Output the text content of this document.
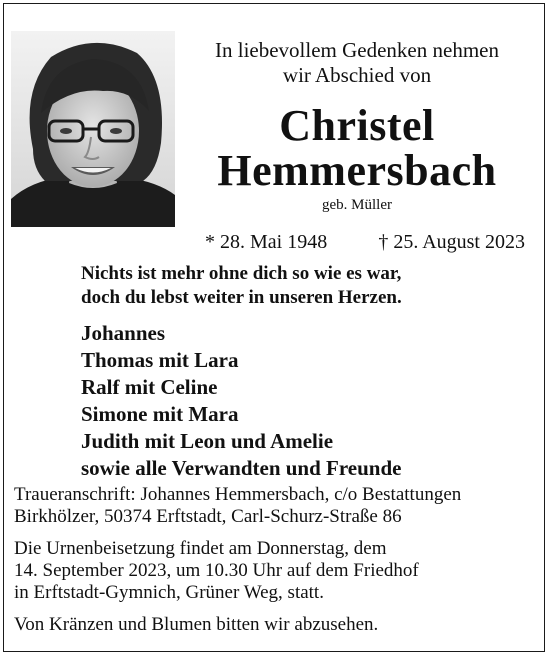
In liebevollem Gedenken nehmen
wir Abschied von
Christel
Hemmersbach
geb. Müller
* 28. Mai 1948	† 25. August 2023
Nichts ist mehr ohne dich so wie es war,
doch du lebst weiter in unseren Herzen.
Johannes
Thomas mit Lara
Ralf mit Celine
Simone mit Mara
Judith mit Leon und Amelie
sowie alle Verwandten und Freunde

Traueranschrift: Johannes Hemmersbach, c/o Bestattungen
Birkhölzer, 50374 Erftstadt, Carl-Schurz-Straße 86

Die Urnenbeisetzung findet am Donnerstag, dem
14. September 2023, um 10.30 Uhr auf dem Friedhof
in Erftstadt-Gymnich, Grüner Weg, statt.

Von Kränzen und Blumen bitten wir abzusehen.
